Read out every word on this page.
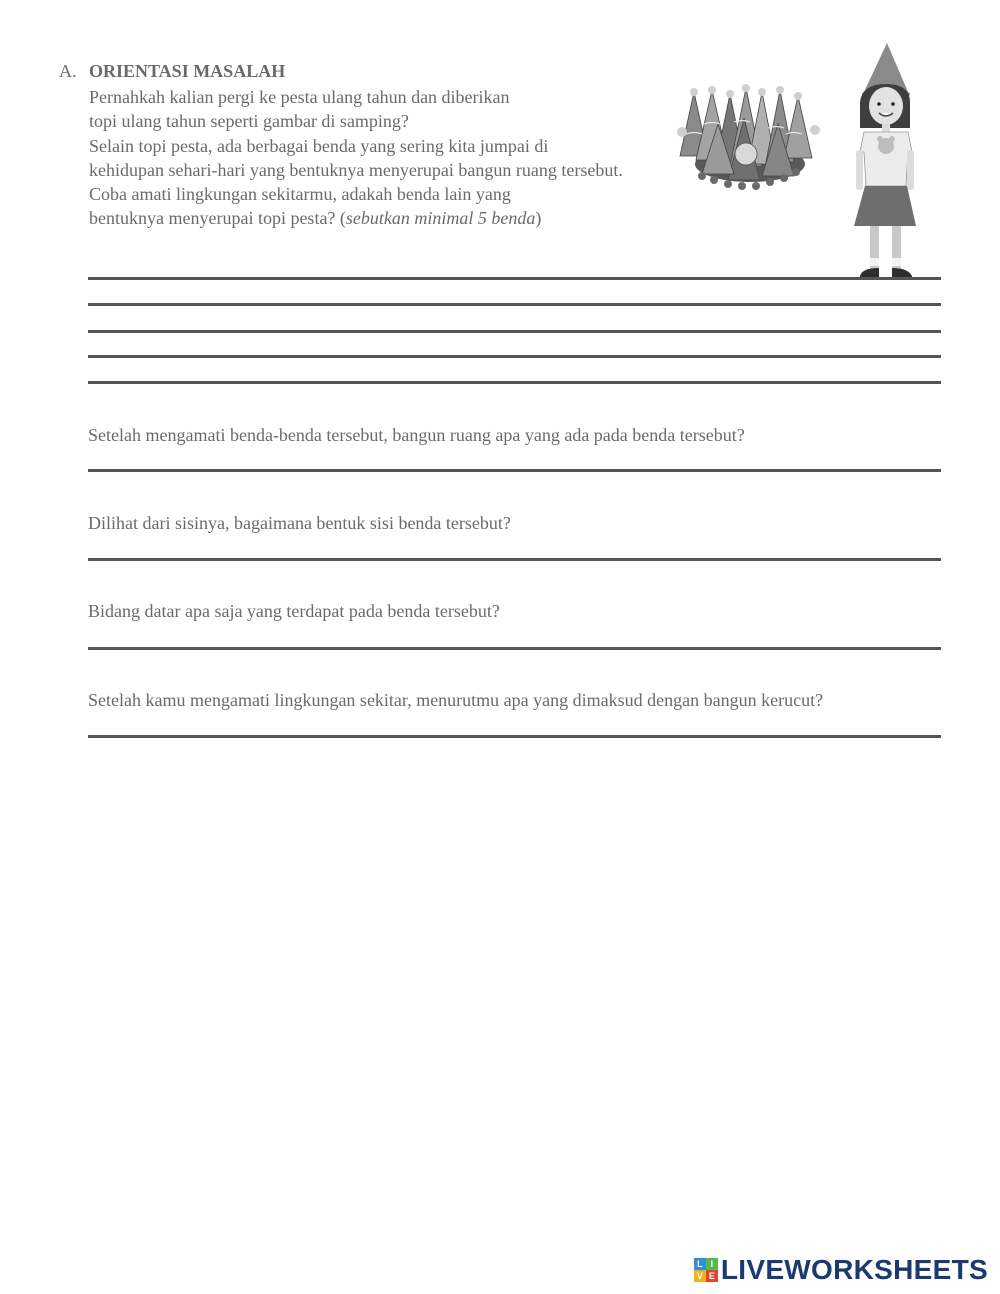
A. ORIENTASI MASALAH
Pernahkah kalian pergi ke pesta ulang tahun dan diberikan
topi ulang tahun seperti gambar di samping?
Selain topi pesta, ada berbagai benda yang sering kita jumpai di
kehidupan sehari-hari yang bentuknya menyerupai bangun ruang tersebut.
Coba amati lingkungan sekitarmu, adakah benda lain yang
bentuknya menyerupai topi pesta? (sebutkan minimal 5 benda)
Setelah mengamati benda-benda tersebut, bangun ruang apa yang ada pada benda tersebut?
Dilihat dari sisinya, bagaimana bentuk sisi benda tersebut?
Bidang datar apa saja yang terdapat pada benda tersebut?
Setelah kamu mengamati lingkungan sekitar, menurutmu apa yang dimaksud dengan bangun kerucut?
L I
V E LIVEWORKSHEETS
